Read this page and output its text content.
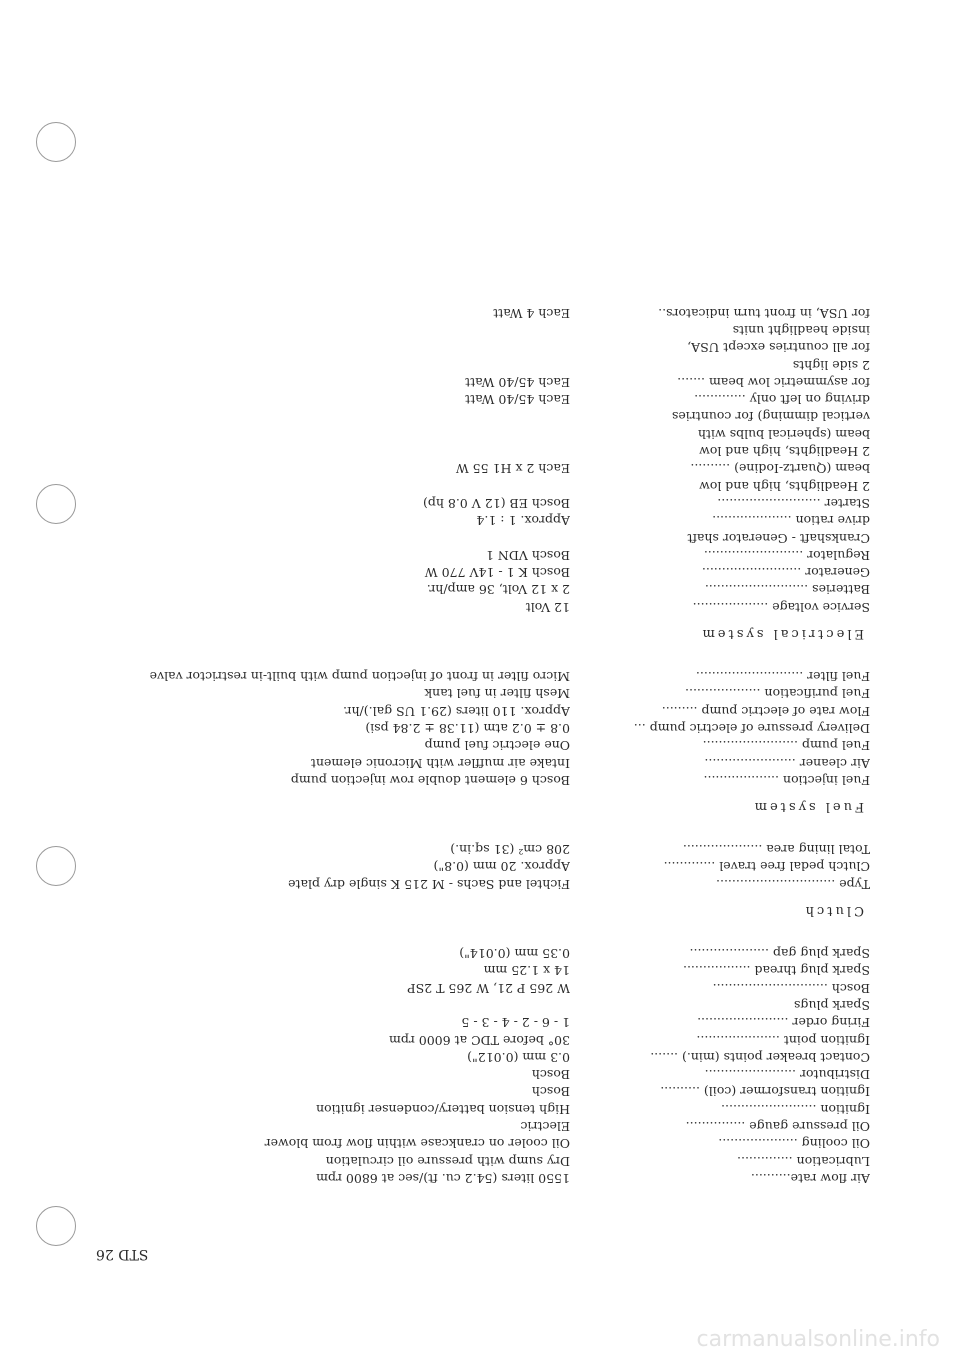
STD 26
Air flow rate..........
1550 liters (54.2 cu. ft)/sec at 6800 rpm
Lubrication ..............
Dry sump with pressure oil circulation
Oil cooling ....................
Oil cooler on crankcase within flow from blower
Oil pressure gauge ...............
Electric
Ignition ........................
High tension battery/condenser ignition
Ignition transformer (coil) ..........
Bosch
Distributor .......................
Bosch
Contact breaker points (min.) .......
0.3 mm (0.012")
Ignition point .....................
30° before TDC at 6000 rpm
Firing order .......................
1 - 6 - 2 - 4 - 3 - 5
Spark plugs
Bosch .............................
W 265 P 21, W 265 T 2SP
Spark plug thread .................
14 x 1.25 mm
Spark plug gap ....................
0.35 mm (0.014")
Clutch
Type ..............................
Fichtel and Sachs - M 215 K single dry plate
Clutch pedal free travel .............
Approx. 20 mm (0.8")
Total lining area ....................
208 cm² (31 sq.in.)
Fuel system
Fuel injection ...................
Bosch 6 element double row injection pump
Air cleaner .......................
Intake air muffler with Micronic element
Fuel pump ........................
One electric fuel pump
Delivery pressure of electric pump ...
0.8 ± 0.2 atm (11.38 ± 2.84 psi)
Flow rate of electric pump .........
Approx. 110 liters (29.1 US gal.)/hr.
Fuel purification ...................
Mesh filter in fuel tank
Fuel filter ...........................
Micro filter in front of injection pump with built-in restrictor valve
Electrical system
Service voltage ...................
12 Volt
Batteries ..........................
2 x 12 Volt, 36 amp/hr.
Generator .........................
Bosch K 1 - 14V 770 W
Regulator .........................
Bosch VDN 1
Crankshaft - Generator shaft
drive ration ....................
Approx. 1 : 1.4
Starter ..........................
Bosch EB (12 V 0.8 hp)
2 Headlights, high and low
beam (Quartz-Iodine) ..........
Each 2 x H1 55 W
2 Headlights, high and low
beam (spherical bulbs with
vertical dimming) for countries
driving on left only .............
Each 45/40 Watt
for asymmetric low beam .......
Each 45/40 Watt
2 side lights
for all countries except USA,
inside headlight units
for USA, in front turn indicators..
Each 4 Watt
carmanualsonline.info
